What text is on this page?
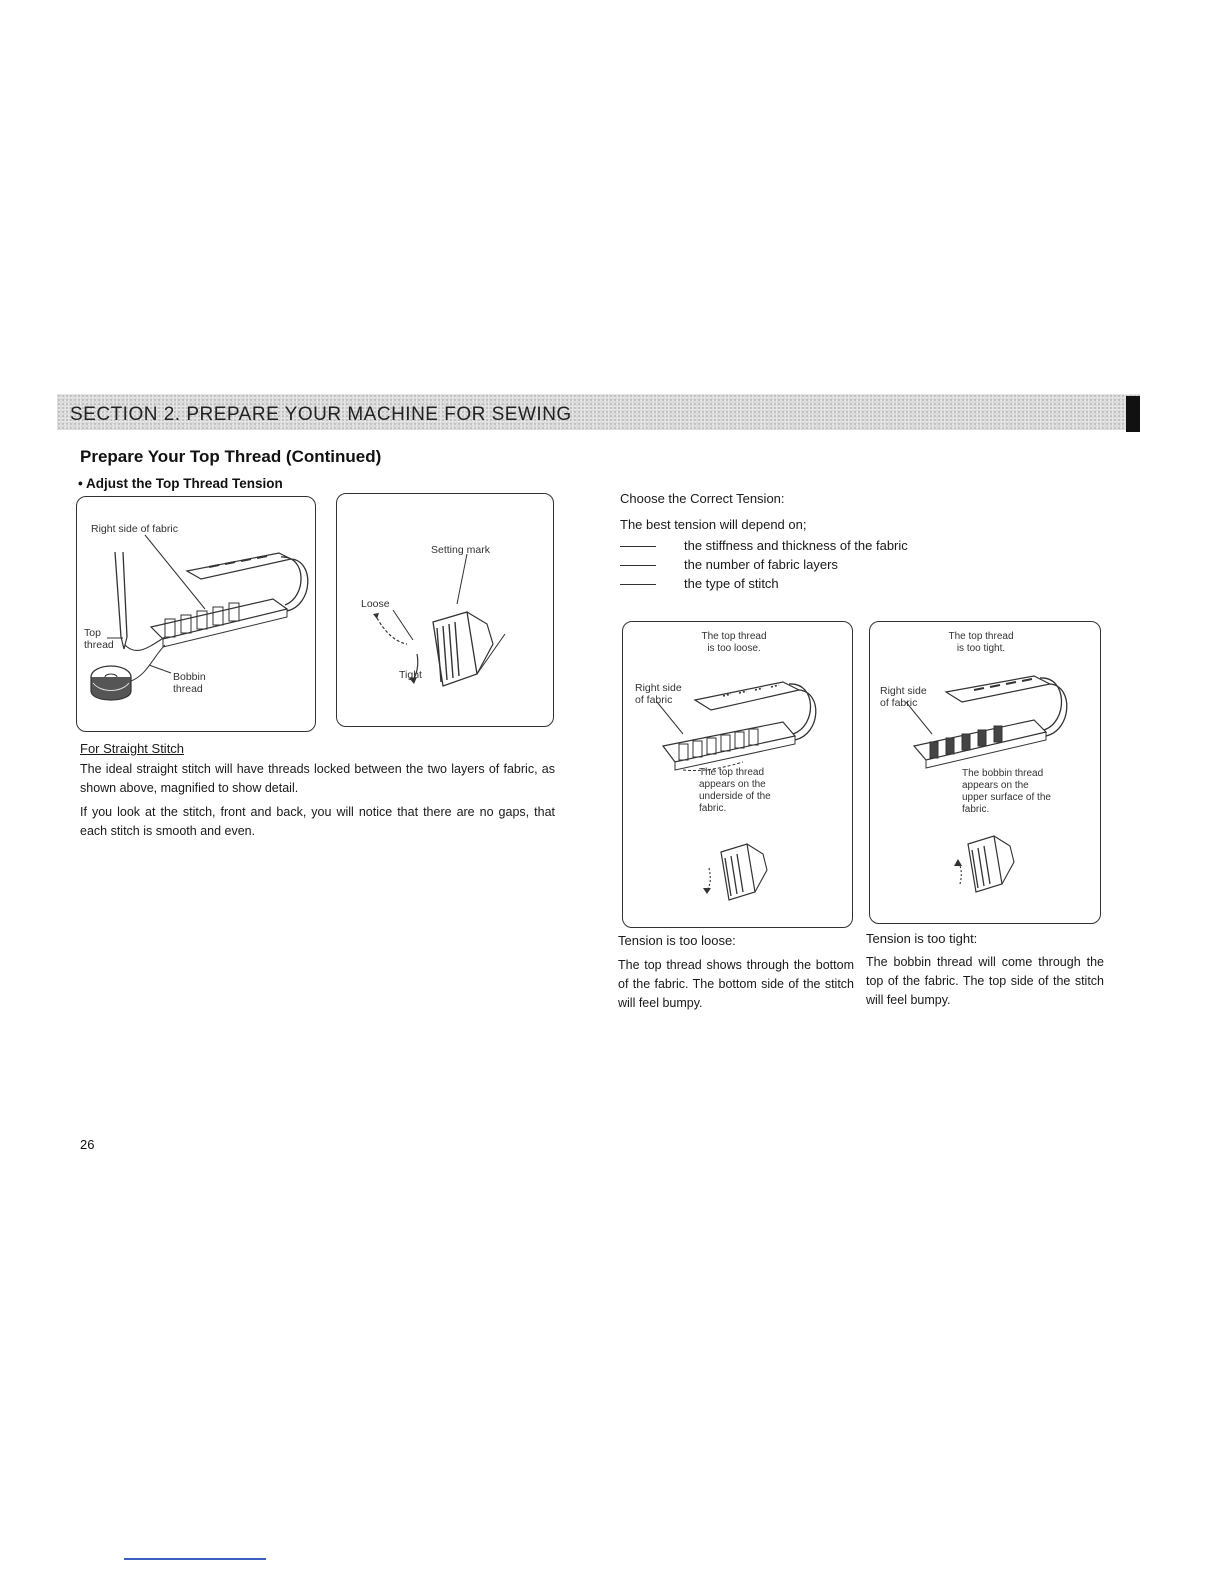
SECTION 2. PREPARE YOUR MACHINE FOR SEWING
Prepare Your Top Thread (Continued)
• Adjust the Top Thread Tension
Right side of fabric
Top
thread
Bobbin
thread
Setting mark
Loose
Tight
For Straight Stitch
The ideal straight stitch will have threads locked between the two layers of fabric, as shown above, magnified to show detail.
If you look at the stitch, front and back, you will notice that there are no gaps, that each stitch is smooth and even.
Choose the Correct Tension:
The best tension will depend on;
the stiffness and thickness of the fabric
the number of fabric layers
the type of stitch
The top thread
is too loose.
Right side
of fabric
The top thread
appears on the
underside of the
fabric.
The top thread
is too tight.
Right side
of fabric
The bobbin thread
appears on the
upper surface of the
fabric.
Tension is too loose:
The top thread shows through the bottom of the fabric. The bottom side of the stitch will feel bumpy.
Tension is too tight:
The bobbin thread will come through the top of the fabric. The top side of the stitch will feel bumpy.
26
